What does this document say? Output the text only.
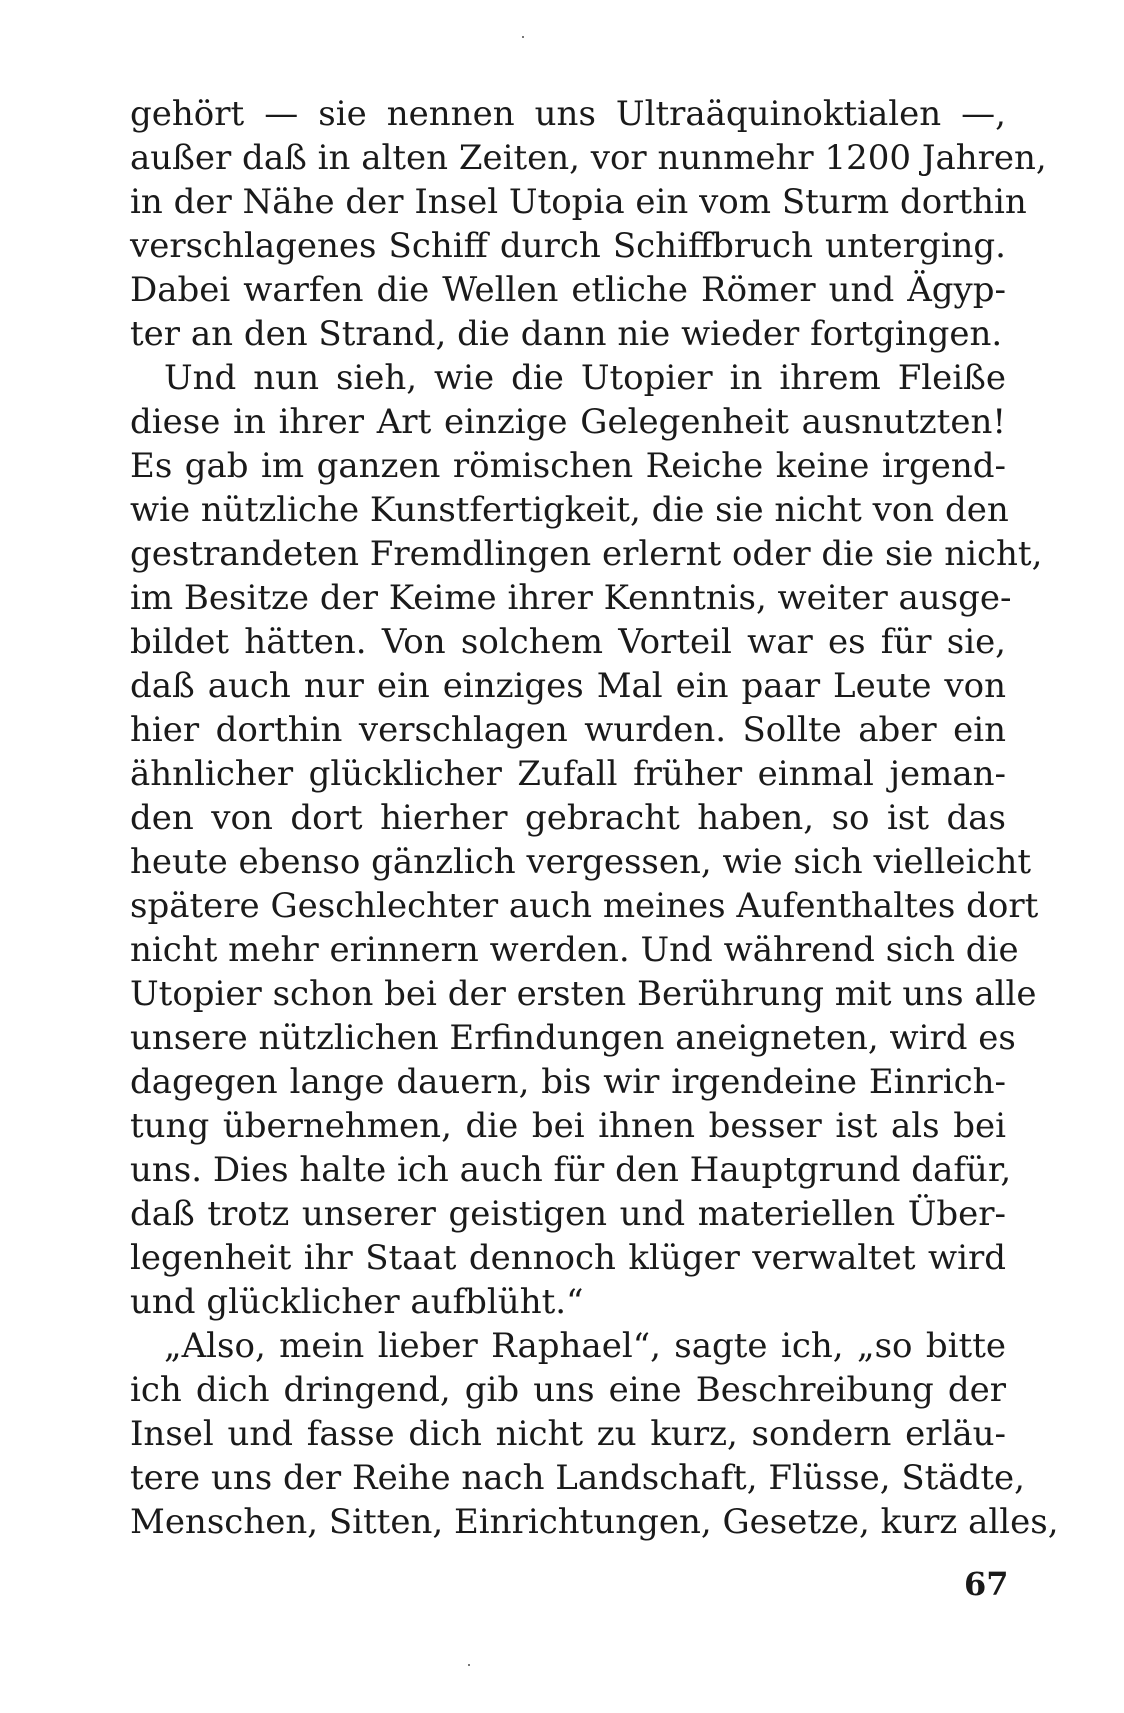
gehört — sie nennen uns Ultraäquinoktialen —,
außer daß in alten Zeiten, vor nunmehr 1200 Jahren,
in der Nähe der Insel Utopia ein vom Sturm dorthin
verschlagenes Schiff durch Schiffbruch unterging.
Dabei warfen die Wellen etliche Römer und Ägyp-
ter an den Strand, die dann nie wieder fortgingen.
Und nun sieh, wie die Utopier in ihrem Fleiße
diese in ihrer Art einzige Gelegenheit ausnutzten!
Es gab im ganzen römischen Reiche keine irgend-
wie nützliche Kunstfertigkeit, die sie nicht von den
gestrandeten Fremdlingen erlernt oder die sie nicht,
im Besitze der Keime ihrer Kenntnis, weiter ausge-
bildet hätten. Von solchem Vorteil war es für sie,
daß auch nur ein einziges Mal ein paar Leute von
hier dorthin verschlagen wurden. Sollte aber ein
ähnlicher glücklicher Zufall früher einmal jeman-
den von dort hierher gebracht haben, so ist das
heute ebenso gänzlich vergessen, wie sich vielleicht
spätere Geschlechter auch meines Aufenthaltes dort
nicht mehr erinnern werden. Und während sich die
Utopier schon bei der ersten Berührung mit uns alle
unsere nützlichen Erfindungen aneigneten, wird es
dagegen lange dauern, bis wir irgendeine Einrich-
tung übernehmen, die bei ihnen besser ist als bei
uns. Dies halte ich auch für den Hauptgrund dafür,
daß trotz unserer geistigen und materiellen Über-
legenheit ihr Staat dennoch klüger verwaltet wird
und glücklicher aufblüht.“
„Also, mein lieber Raphael“, sagte ich, „so bitte
ich dich dringend, gib uns eine Beschreibung der
Insel und fasse dich nicht zu kurz, sondern erläu-
tere uns der Reihe nach Landschaft, Flüsse, Städte,
Menschen, Sitten, Einrichtungen, Gesetze, kurz alles,
67
